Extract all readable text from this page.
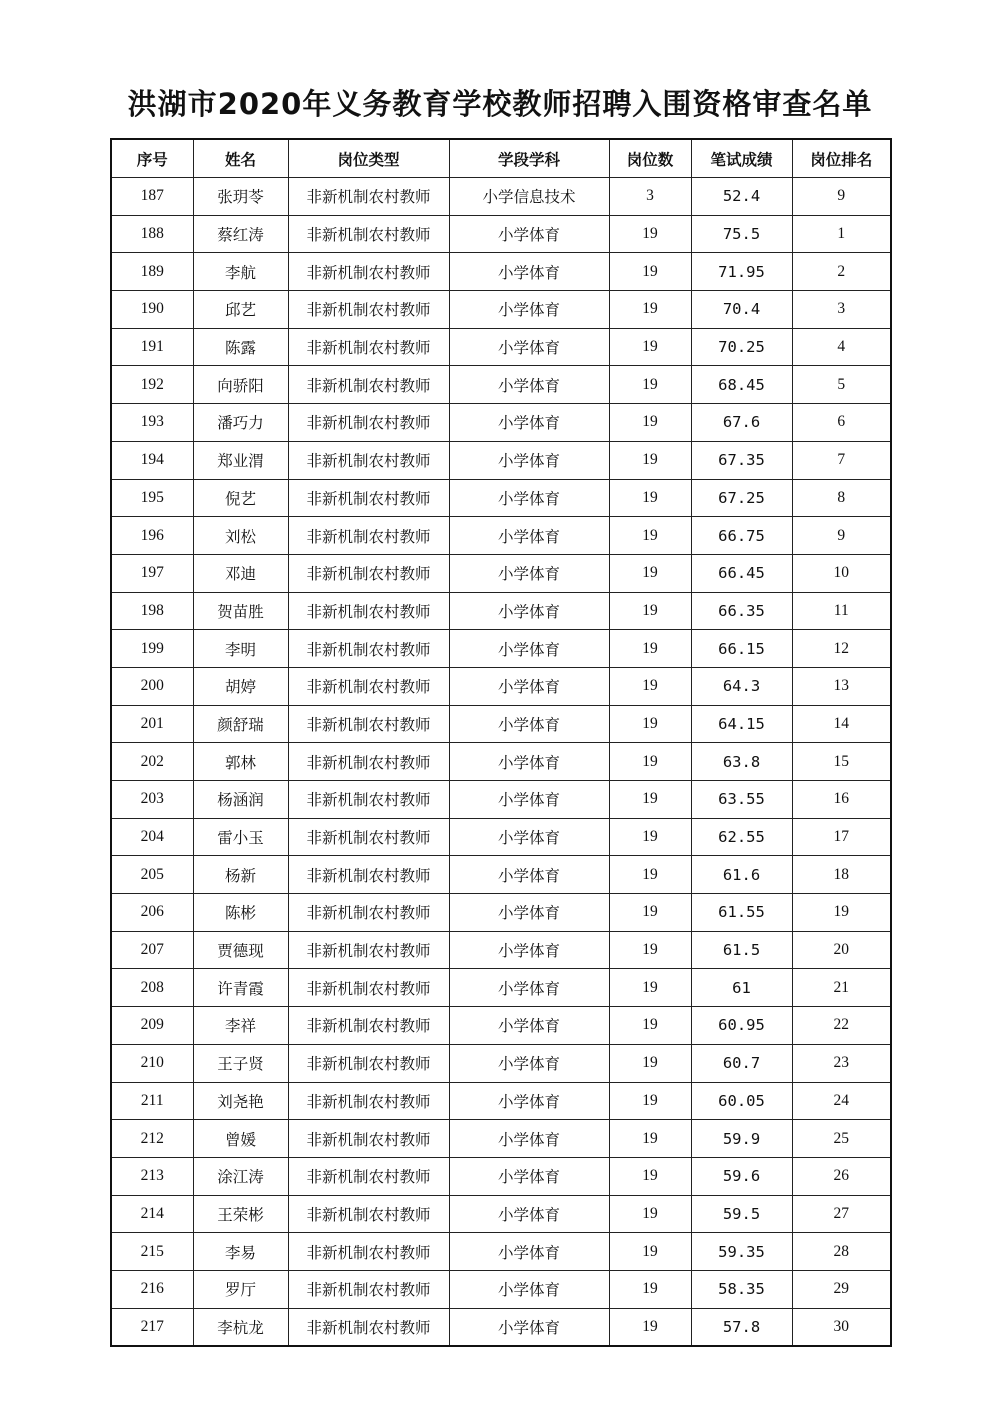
洪湖市2020年义务教育学校教师招聘入围资格审查名单
序号	姓名	岗位类型	学段学科	岗位数	笔试成绩	岗位排名
187	张玥苓	非新机制农村教师	小学信息技术	3	52.4	9
188	蔡红涛	非新机制农村教师	小学体育	19	75.5	1
189	李航	非新机制农村教师	小学体育	19	71.95	2
190	邱艺	非新机制农村教师	小学体育	19	70.4	3
191	陈露	非新机制农村教师	小学体育	19	70.25	4
192	向骄阳	非新机制农村教师	小学体育	19	68.45	5
193	潘巧力	非新机制农村教师	小学体育	19	67.6	6
194	郑业渭	非新机制农村教师	小学体育	19	67.35	7
195	倪艺	非新机制农村教师	小学体育	19	67.25	8
196	刘松	非新机制农村教师	小学体育	19	66.75	9
197	邓迪	非新机制农村教师	小学体育	19	66.45	10
198	贺苗胜	非新机制农村教师	小学体育	19	66.35	11
199	李明	非新机制农村教师	小学体育	19	66.15	12
200	胡婷	非新机制农村教师	小学体育	19	64.3	13
201	颜舒瑞	非新机制农村教师	小学体育	19	64.15	14
202	郭林	非新机制农村教师	小学体育	19	63.8	15
203	杨涵润	非新机制农村教师	小学体育	19	63.55	16
204	雷小玉	非新机制农村教师	小学体育	19	62.55	17
205	杨新	非新机制农村教师	小学体育	19	61.6	18
206	陈彬	非新机制农村教师	小学体育	19	61.55	19
207	贾德现	非新机制农村教师	小学体育	19	61.5	20
208	许青霞	非新机制农村教师	小学体育	19	61	21
209	李祥	非新机制农村教师	小学体育	19	60.95	22
210	王子贤	非新机制农村教师	小学体育	19	60.7	23
211	刘尧艳	非新机制农村教师	小学体育	19	60.05	24
212	曾媛	非新机制农村教师	小学体育	19	59.9	25
213	涂江涛	非新机制农村教师	小学体育	19	59.6	26
214	王荣彬	非新机制农村教师	小学体育	19	59.5	27
215	李易	非新机制农村教师	小学体育	19	59.35	28
216	罗厅	非新机制农村教师	小学体育	19	58.35	29
217	李杭龙	非新机制农村教师	小学体育	19	57.8	30
